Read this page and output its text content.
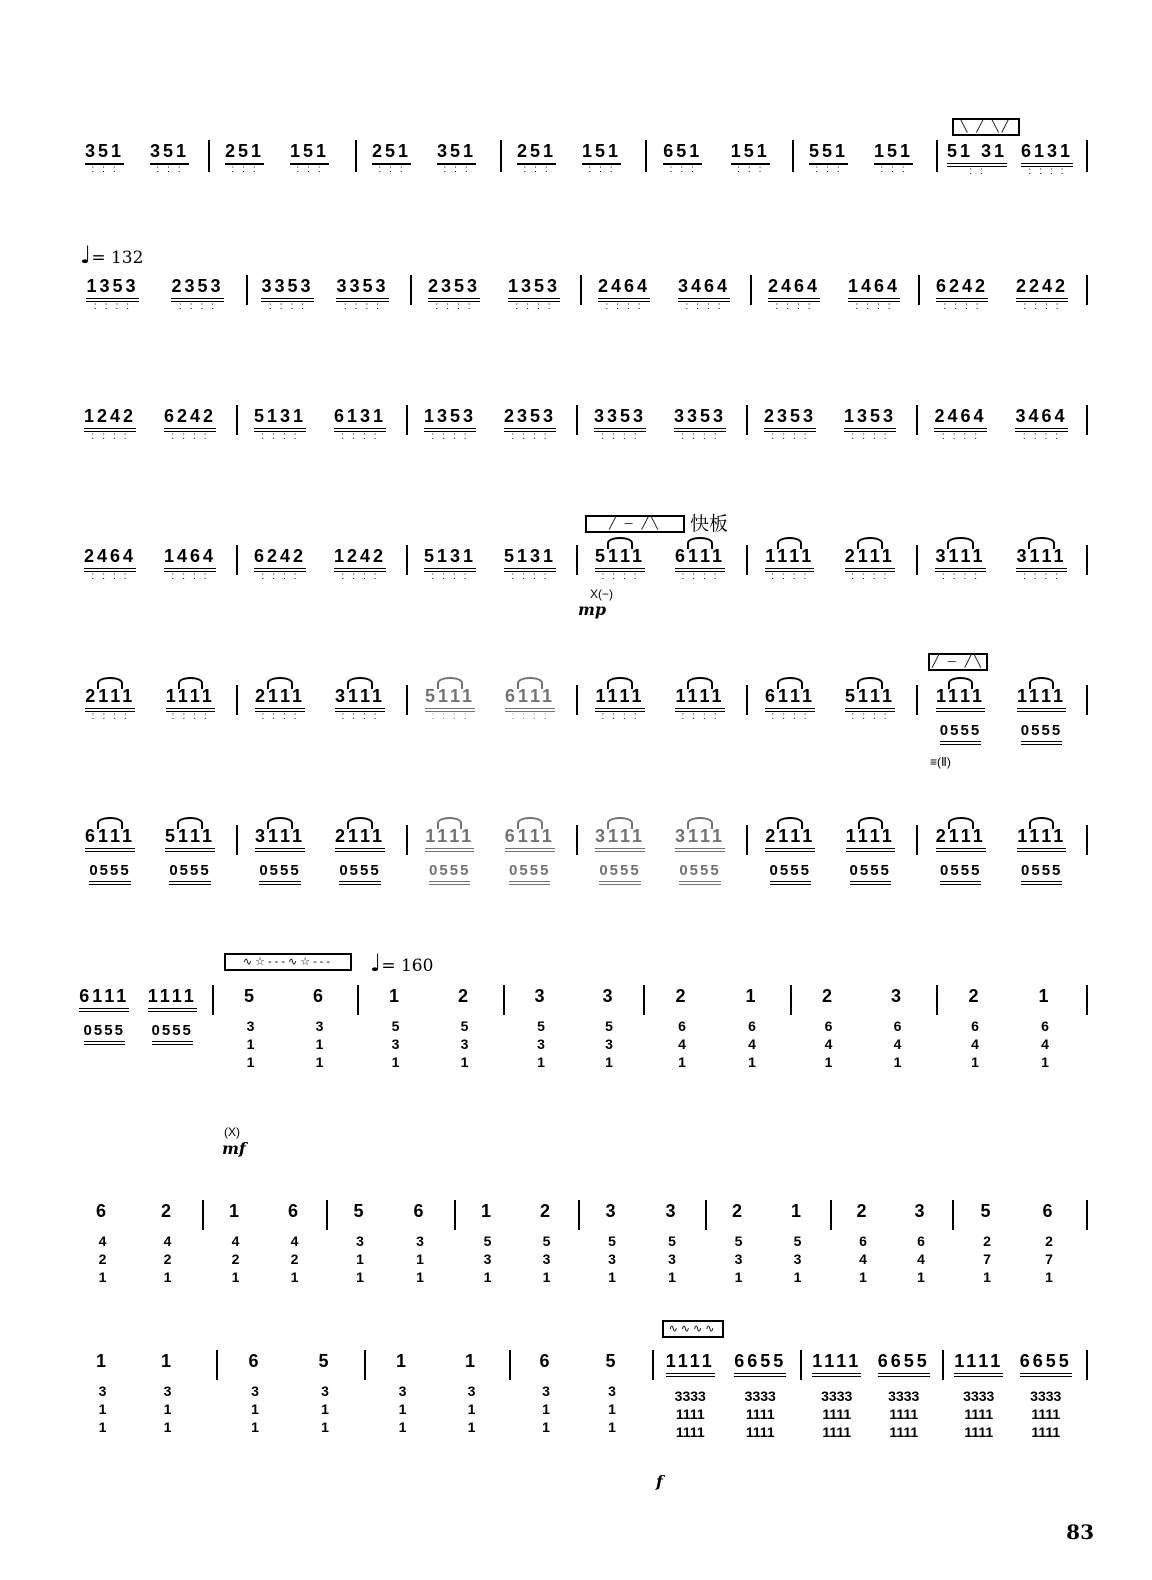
╲ ╱ ╲╱
351
:::
351
:::
251
:::
151
:::
251
:::
351
:::
251
:::
151
:::
651
:::
151
:::
551
:::
151
:::
51 31
::
6131
::::
♩= 132
1353
::::
2353
::::
3353
::::
3353
::::
2353
::::
1353
::::
2464
::::
3464
::::
2464
::::
1464
::::
6242
::::
2242
::::
1242
::::
6242
::::
5131
::::
6131
::::
1353
::::
2353
::::
3353
::::
3353
::::
2353
::::
1353
::::
2464
::::
3464
::::
╱ ─ ╱╲	快板
X(−)
mp
2464
::::
1464
::::
6242
::::
1242
::::
5131
::::
5131
::::
5111
::::
6111
::::
1111
::::
2111
::::
3111
::::
3111
::::
╱ ─ ╱╲
≡(Ⅱ)
2111
::::
1111
::::
2111
::::
3111
::::
5111
::::
6111
::::
1111
::::
1111
::::
6111
::::
5111
::::
1111
0555
1111
0555
6111
0555
5111
0555
3111
0555
2111
0555
1111
0555
6111
0555
3111
0555
3111
0555
2111
0555
1111
0555
2111
0555
1111
0555
∿☆---∿☆---	♩= 160
(X)
mf
6111
0555
1111
0555
5
3
1
1
6
3
1
1
1
5
3
1
2
5
3
1
3
5
3
1
3
5
3
1
2
6
4
1
1
6
4
1
2
6
4
1
3
6
4
1
2
6
4
1
1
6
4
1
6
4
2
1
2
4
2
1
1
4
2
1
6
4
2
1
5
3
1
1
6
3
1
1
1
5
3
1
2
5
3
1
3
5
3
1
3
5
3
1
2
5
3
1
1
5
3
1
2
6
4
1
3
6
4
1
5
2
7
1
6
2
7
1
∿∿∿∿
f
1
3
1
1
1
3
1
1
6
3
1
1
5
3
1
1
1
3
1
1
1
3
1
1
6
3
1
1
5
3
1
1
1111
3333
1111
1111
6655
3333
1111
1111
1111
3333
1111
1111
6655
3333
1111
1111
1111
3333
1111
1111
6655
3333
1111
1111
83
